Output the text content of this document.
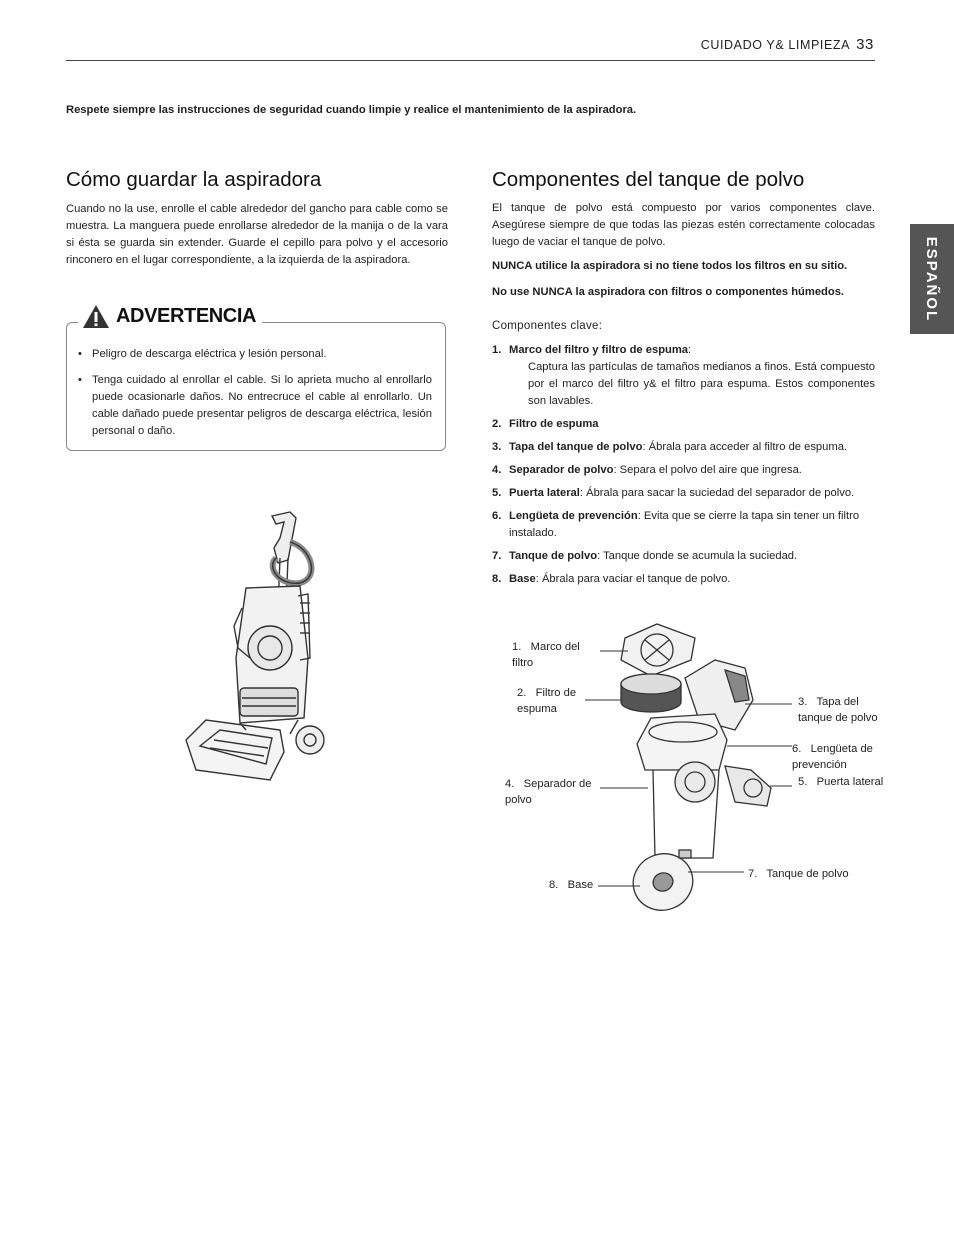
CUIDADO Y& LIMPIEZA 33
Respete siempre las instrucciones de seguridad cuando limpie y realice el mantenimiento de la aspiradora.
ESPAÑOL
Cómo guardar la aspiradora
Cuando no la use, enrolle el cable alrededor del gancho para cable como se muestra. La manguera puede enrollarse alrededor de la manija o de la vara si ésta se guarda sin extender. Guarde el cepillo para polvo y el accesorio rinconero en el lugar correspondiente, a la izquierda de la aspiradora.
ADVERTENCIA
• Peligro de descarga eléctrica y lesión personal.
• Tenga cuidado al enrollar el cable. Si lo aprieta mucho al enrollarlo puede ocasionarle daños. No entrecruce el cable al enrollarlo. Un cable dañado puede presentar peligros de descarga eléctrica, lesión personal o daño.
Componentes del tanque de polvo
El tanque de polvo está compuesto por varios componentes clave. Asegúrese siempre de que todas las piezas estén correctamente colocadas luego de vaciar el tanque de polvo.
NUNCA utilice la aspiradora si no tiene todos los filtros en su sitio.
No use NUNCA la aspiradora con filtros o componentes húmedos.
Componentes clave:
1. Marco del filtro y filtro de espuma:
Captura las partículas de tamaños medianos a finos. Está compuesto por el marco del filtro y& el filtro para espuma. Estos componentes son lavables.
2. Filtro de espuma
3. Tapa del tanque de polvo: Ábrala para acceder al filtro de espuma.
4. Separador de polvo: Separa el polvo del aire que ingresa.
5. Puerta lateral: Ábrala para sacar la suciedad del separador de polvo.
6. Lengüeta de prevención: Evita que se cierre la tapa sin tener un filtro instalado.
7. Tanque de polvo: Tanque donde se acumula la suciedad.
8. Base: Ábrala para vaciar el tanque de polvo.
1. Marco del filtro
2. Filtro de espuma
3. Tapa del tanque de polvo
4. Separador de polvo
6. Lengüeta de prevención
5. Puerta lateral
7. Tanque de polvo
8. Base
